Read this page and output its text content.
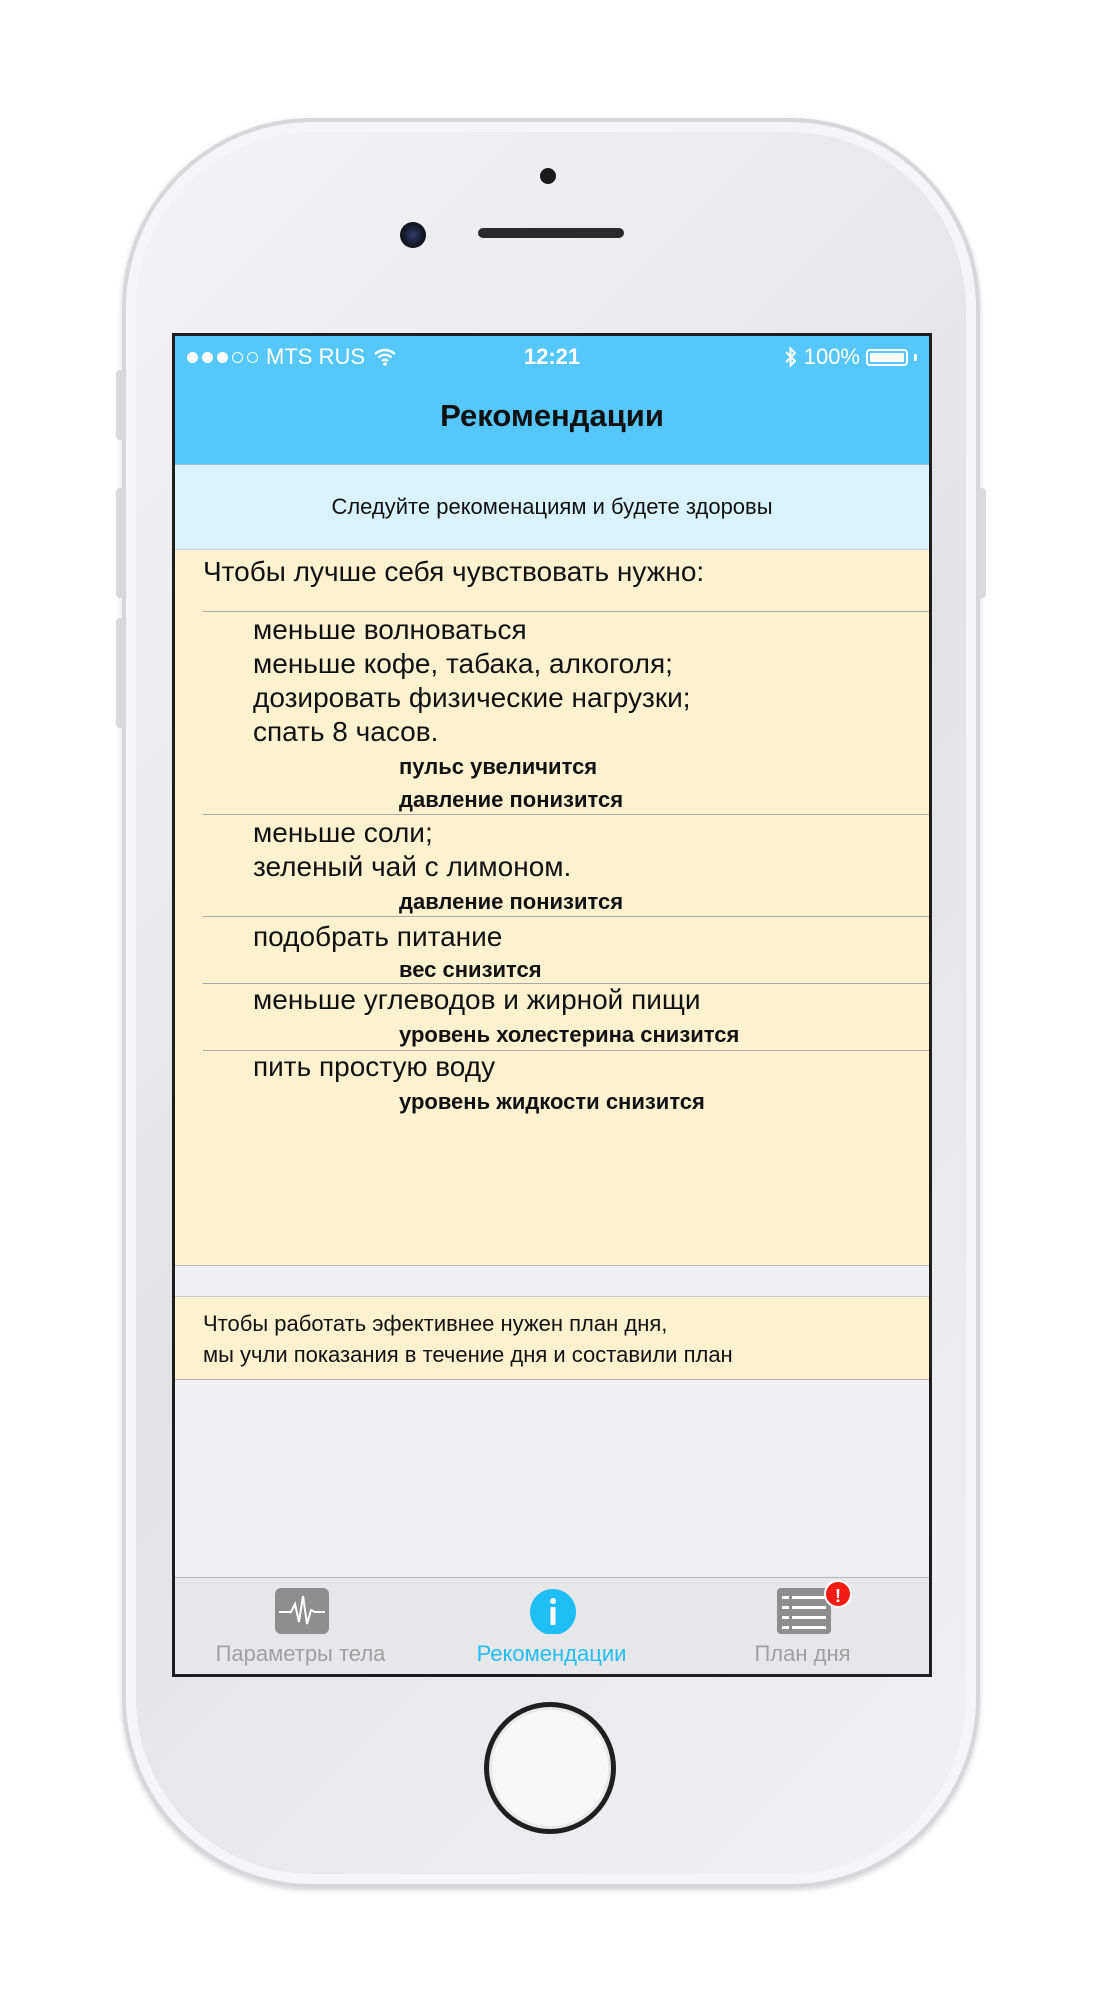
MTS RUS	12:21	100%
Рекомендации
Следуйте рекоменациям и будете здоровы
Чтобы лучше себя чувствовать нужно:
меньше волноваться
меньше кофе, табака, алкоголя;
дозировать физические нагрузки;
спать 8 часов.
пульс увеличится
давление понизится
меньше соли;
зеленый чай с лимоном.
давление понизится
подобрать питание
вес снизится
меньше углеводов и жирной пищи
уровень холестерина снизится
пить простую воду
уровень жидкости снизится
Чтобы работать эфективнее нужен план дня,
мы учли показания в течение дня и составили план
Параметры тела	Рекомендации
!
План дня
